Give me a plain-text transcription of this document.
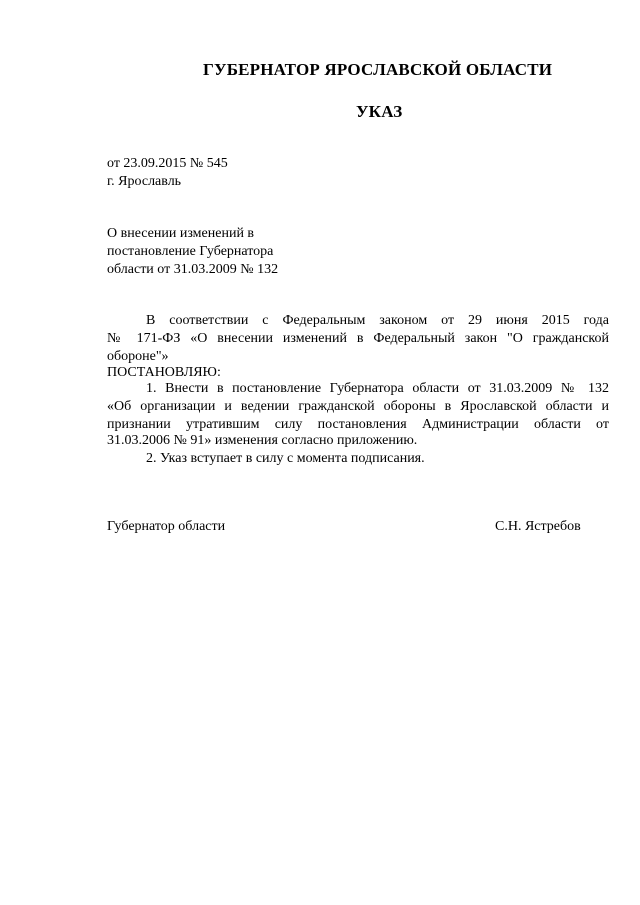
ГУБЕРНАТОР ЯРОСЛАВСКОЙ ОБЛАСТИ
УКАЗ
от 23.09.2015 № 545
г. Ярославль
О внесении изменений в
постановление Губернатора
области от 31.03.2009 № 132
В соответствии с Федеральным законом от 29 июня 2015 года
№ 171-ФЗ «О внесении изменений в Федеральный закон "О гражданской
обороне"»
ПОСТАНОВЛЯЮ:
1. Внести в постановление Губернатора области от 31.03.2009 № 132
«Об организации и ведении гражданской обороны в Ярославской области и
признании утратившим силу постановления Администрации области от
31.03.2006 № 91» изменения согласно приложению.
2. Указ вступает в силу с момента подписания.
Губернатор области	С.Н. Ястребов
